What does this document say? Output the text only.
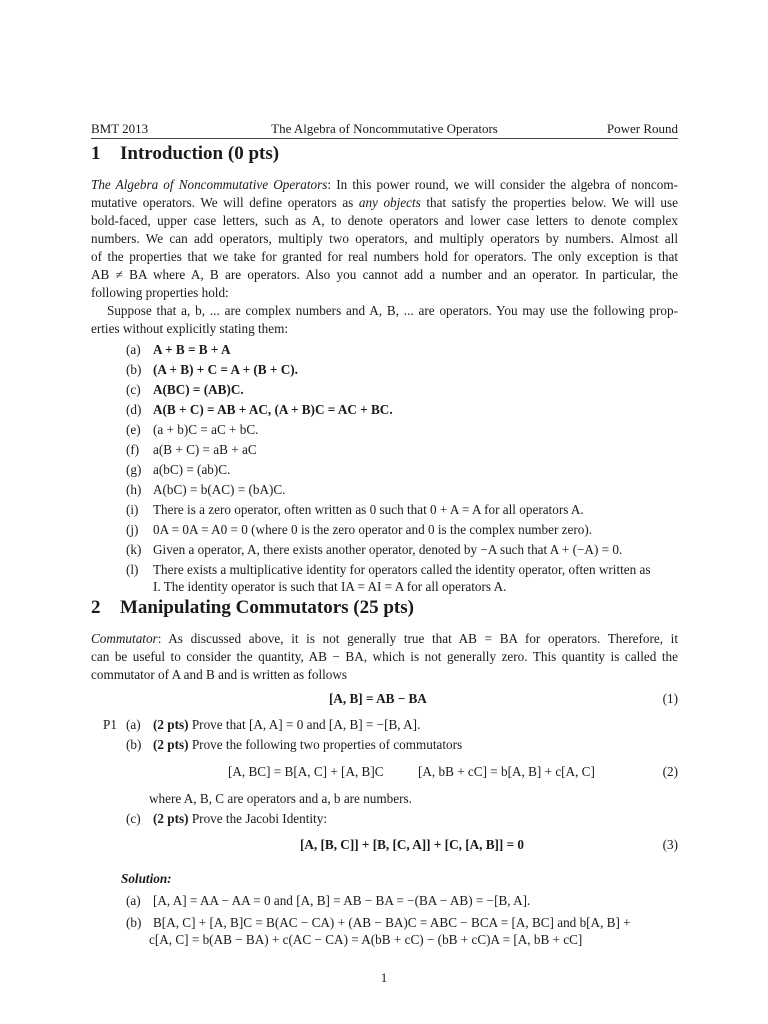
BMT 2013	The Algebra of Noncommutative Operators	Power Round
1 Introduction (0 pts)
The Algebra of Noncommutative Operators: In this power round, we will consider the algebra of noncom-
mutative operators. We will define operators as any objects that satisfy the properties below. We will use
bold-faced, upper case letters, such as A, to denote operators and lower case letters to denote complex
numbers. We can add operators, multiply two operators, and multiply operators by numbers. Almost all
of the properties that we take for granted for real numbers hold for operators. The only exception is that
AB ≠ BA where A, B are operators. Also you cannot add a number and an operator. In particular, the
following properties hold:
Suppose that a, b, ... are complex numbers and A, B, ... are operators. You may use the following prop-
erties without explicitly stating them:
(a) A + B = B + A
(b) (A + B) + C = A + (B + C).
(c) A(BC) = (AB)C.
(d) A(B + C) = AB + AC, (A + B)C = AC + BC.
(e) (a + b)C = aC + bC.
(f) a(B + C) = aB + aC
(g) a(bC) = (ab)C.
(h) A(bC) = b(AC) = (bA)C.
(i) There is a zero operator, often written as 0 such that 0 + A = A for all operators A.
(j) 0A = 0A = A0 = 0 (where 0 is the zero operator and 0 is the complex number zero).
(k) Given a operator, A, there exists another operator, denoted by −A such that A + (−A) = 0.
(l) There exists a multiplicative identity for operators called the identity operator, often written as
I. The identity operator is such that IA = AI = A for all operators A.
2 Manipulating Commutators (25 pts)
Commutator: As discussed above, it is not generally true that AB = BA for operators. Therefore, it
can be useful to consider the quantity, AB − BA, which is not generally zero. This quantity is called the
commutator of A and B and is written as follows
[A, B] = AB − BA	(1)
P1 (a) (2 pts) Prove that [A, A] = 0 and [A, B] = −[B, A].
(b) (2 pts) Prove the following two properties of commutators
[A, BC] = B[A, C] + [A, B]C	[A, bB + cC] = b[A, B] + c[A, C]	(2)
where A, B, C are operators and a, b are numbers.
(c) (2 pts) Prove the Jacobi Identity:
[A, [B, C]] + [B, [C, A]] + [C, [A, B]] = 0	(3)
Solution:
(a) [A, A] = AA − AA = 0 and [A, B] = AB − BA = −(BA − AB) = −[B, A].
(b) B[A, C] + [A, B]C = B(AC − CA) + (AB − BA)C = ABC − BCA = [A, BC] and b[A, B] +
c[A, C] = b(AB − BA) + c(AC − CA) = A(bB + cC) − (bB + cC)A = [A, bB + cC]
1
